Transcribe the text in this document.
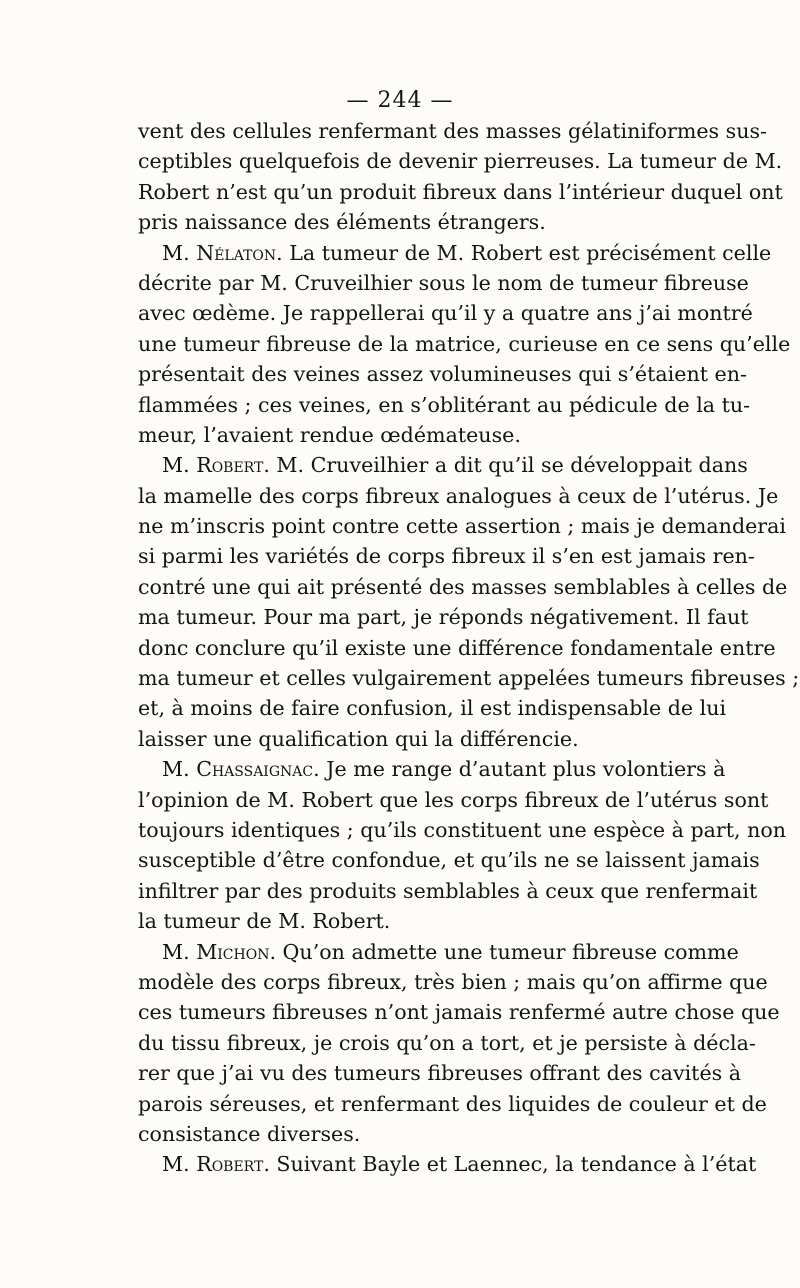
— 244 —
vent des cellules renfermant des masses gélatiniformes sus-
ceptibles quelquefois de devenir pierreuses. La tumeur de M.
Robert n’est qu’un produit fibreux dans l’intérieur duquel ont
pris naissance des éléments étrangers.
M. Nélaton. La tumeur de M. Robert est précisément celle
décrite par M. Cruveilhier sous le nom de tumeur fibreuse
avec œdème. Je rappellerai qu’il y a quatre ans j’ai montré
une tumeur fibreuse de la matrice, curieuse en ce sens qu’elle
présentait des veines assez volumineuses qui s’étaient en-
flammées ; ces veines, en s’oblitérant au pédicule de la tu-
meur, l’avaient rendue œdémateuse.
M. Robert. M. Cruveilhier a dit qu’il se développait dans
la mamelle des corps fibreux analogues à ceux de l’utérus. Je
ne m’inscris point contre cette assertion ; mais je demanderai
si parmi les variétés de corps fibreux il s’en est jamais ren-
contré une qui ait présenté des masses semblables à celles de
ma tumeur. Pour ma part, je réponds négativement. Il faut
donc conclure qu’il existe une différence fondamentale entre
ma tumeur et celles vulgairement appelées tumeurs fibreuses ;
et, à moins de faire confusion, il est indispensable de lui
laisser une qualification qui la différencie.
M. Chassaignac. Je me range d’autant plus volontiers à
l’opinion de M. Robert que les corps fibreux de l’utérus sont
toujours identiques ; qu’ils constituent une espèce à part, non
susceptible d’être confondue, et qu’ils ne se laissent jamais
infiltrer par des produits semblables à ceux que renfermait
la tumeur de M. Robert.
M. Michon. Qu’on admette une tumeur fibreuse comme
modèle des corps fibreux, très bien ; mais qu’on affirme que
ces tumeurs fibreuses n’ont jamais renfermé autre chose que
du tissu fibreux, je crois qu’on a tort, et je persiste à décla-
rer que j’ai vu des tumeurs fibreuses offrant des cavités à
parois séreuses, et renfermant des liquides de couleur et de
consistance diverses.
M. Robert. Suivant Bayle et Laennec, la tendance à l’état
